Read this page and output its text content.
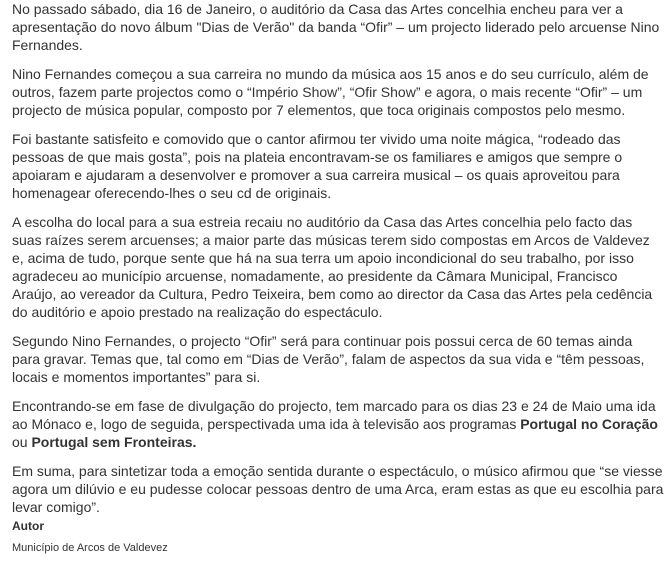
No passado sábado, dia 16 de Janeiro, o auditório da Casa das Artes concelhia encheu para ver a apresentação do novo álbum "Dias de Verão" da banda “Ofir” – um projecto liderado pelo arcuense Nino Fernandes.

Nino Fernandes começou a sua carreira no mundo da música aos 15 anos e do seu currículo, além de outros, fazem parte projectos como o “Império Show”, “Ofir Show” e agora, o mais recente “Ofir” – um projecto de música popular, composto por 7 elementos, que toca originais compostos pelo mesmo.

Foi bastante satisfeito e comovido que o cantor afirmou ter vivido uma noite mágica, “rodeado das pessoas de que mais gosta”, pois na plateia encontravam-se os familiares e amigos que sempre o apoiaram e ajudaram a desenvolver e promover a sua carreira musical – os quais aproveitou para homenagear oferecendo-lhes o seu cd de originais.

A escolha do local para a sua estreia recaiu no auditório da Casa das Artes concelhia pelo facto das suas raízes serem arcuenses; a maior parte das músicas terem sido compostas em Arcos de Valdevez e, acima de tudo, porque sente que há na sua terra um apoio incondicional do seu trabalho, por isso agradeceu ao município arcuense, nomadamente, ao presidente da Câmara Municipal, Francisco Araújo, ao vereador da Cultura, Pedro Teixeira, bem como ao director da Casa das Artes pela cedência do auditório e apoio prestado na realização do espectáculo.

Segundo Nino Fernandes, o projecto “Ofir” será para continuar pois possui cerca de 60 temas ainda para gravar. Temas que, tal como em “Dias de Verão”, falam de aspectos da sua vida e “têm pessoas, locais e momentos importantes” para si.

Encontrando-se em fase de divulgação do projecto, tem marcado para os dias 23 e 24 de Maio uma ida ao Mónaco e, logo de seguida, perspectivada uma ida à televisão aos programas Portugal no Coração ou Portugal sem Fronteiras.

Em suma, para sintetizar toda a emoção sentida durante o espectáculo, o músico afirmou que “se viesse agora um dilúvio e eu pudesse colocar pessoas dentro de uma Arca, eram estas as que eu escolhia para levar comigo”.

Autor
Município de Arcos de Valdevez
